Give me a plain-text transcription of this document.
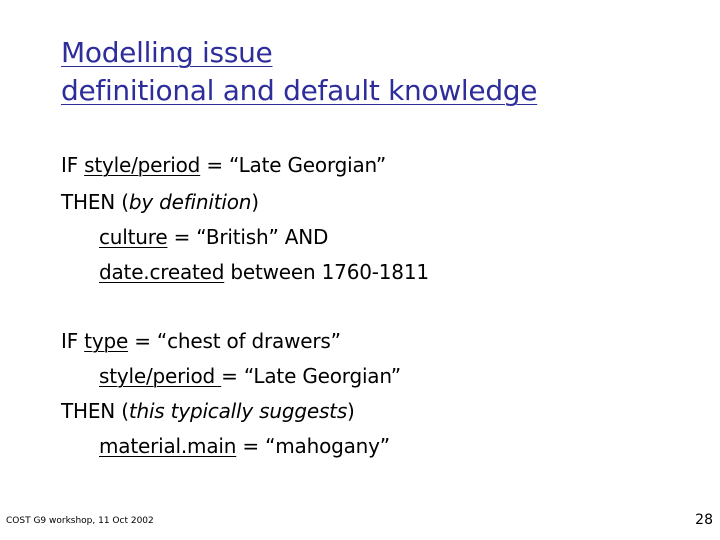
Modelling issue
definitional and default knowledge
IF style/period = “Late Georgian”
THEN (by definition)
culture = “British” AND
date.created between 1760-1811
IF type = “chest of drawers”
style/period = “Late Georgian”
THEN (this typically suggests)
material.main = “mahogany”
COST G9 workshop, 11 Oct 2002	28
